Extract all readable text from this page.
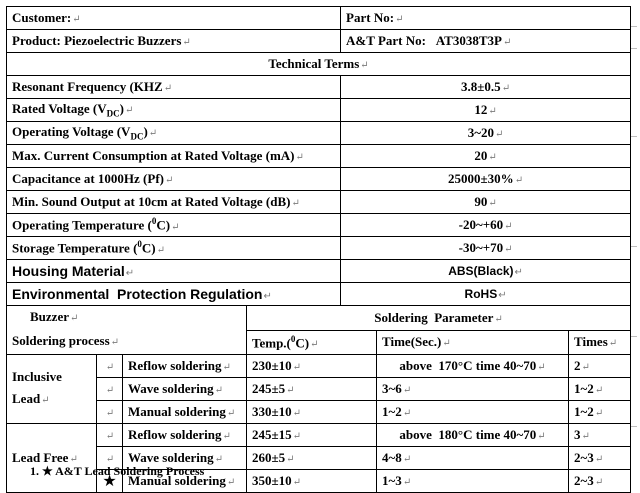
Customer:↵				Part No:↵		
Product: Piezoelectric Buzzers↵				A&T Part No: AT3038T3P↵		
Technical Terms↵						
Resonant Frequency (KHZ↵				3.8±0.5↵		
Rated Voltage $(V_{DC})↵$				12↵		
Operating Voltage $(V_{DC})↵$				3~20↵		
Max. Current Consumption at Rated Voltage (mA)↵				20↵		
Capacitance at 1000Hz (Pf)↵				25000±30%↵		
Min. Sound Output at 10cm at Rated Voltage (dB)↵				90↵		
Operating Temperature ($^0$C)↵				-20~+60↵		
Storage Temperature ($^0$C)↵				-30~+70↵		
Housing Material↵				ABS(Black)↵		
Environmental  Protection Regulation↵				RoHS↵		

Buzzer↵
Soldering process↵			Soldering  Parameter↵			
			Temp.($^0$C)↵		Time(Sec.)↵	Times↵
Inclusive Lead↵	↵	Reflow soldering↵	230±10↵		above  170°C time 40~70↵	2↵
	↵	Wave soldering↵	245±5↵		3~6↵	1~2↵
	↵	Manual soldering↵	330±10↵		1~2↵	1~2↵
Lead Free↵	↵	Reflow soldering↵	245±15↵		above  180°C time 40~70↵	3↵
	↵	Wave soldering↵	260±5↵		4~8↵	2~3↵
	★	Manual soldering↵	350±10↵		1~3↵	2~3↵
1. ★ A&T Lead Soldering Process
